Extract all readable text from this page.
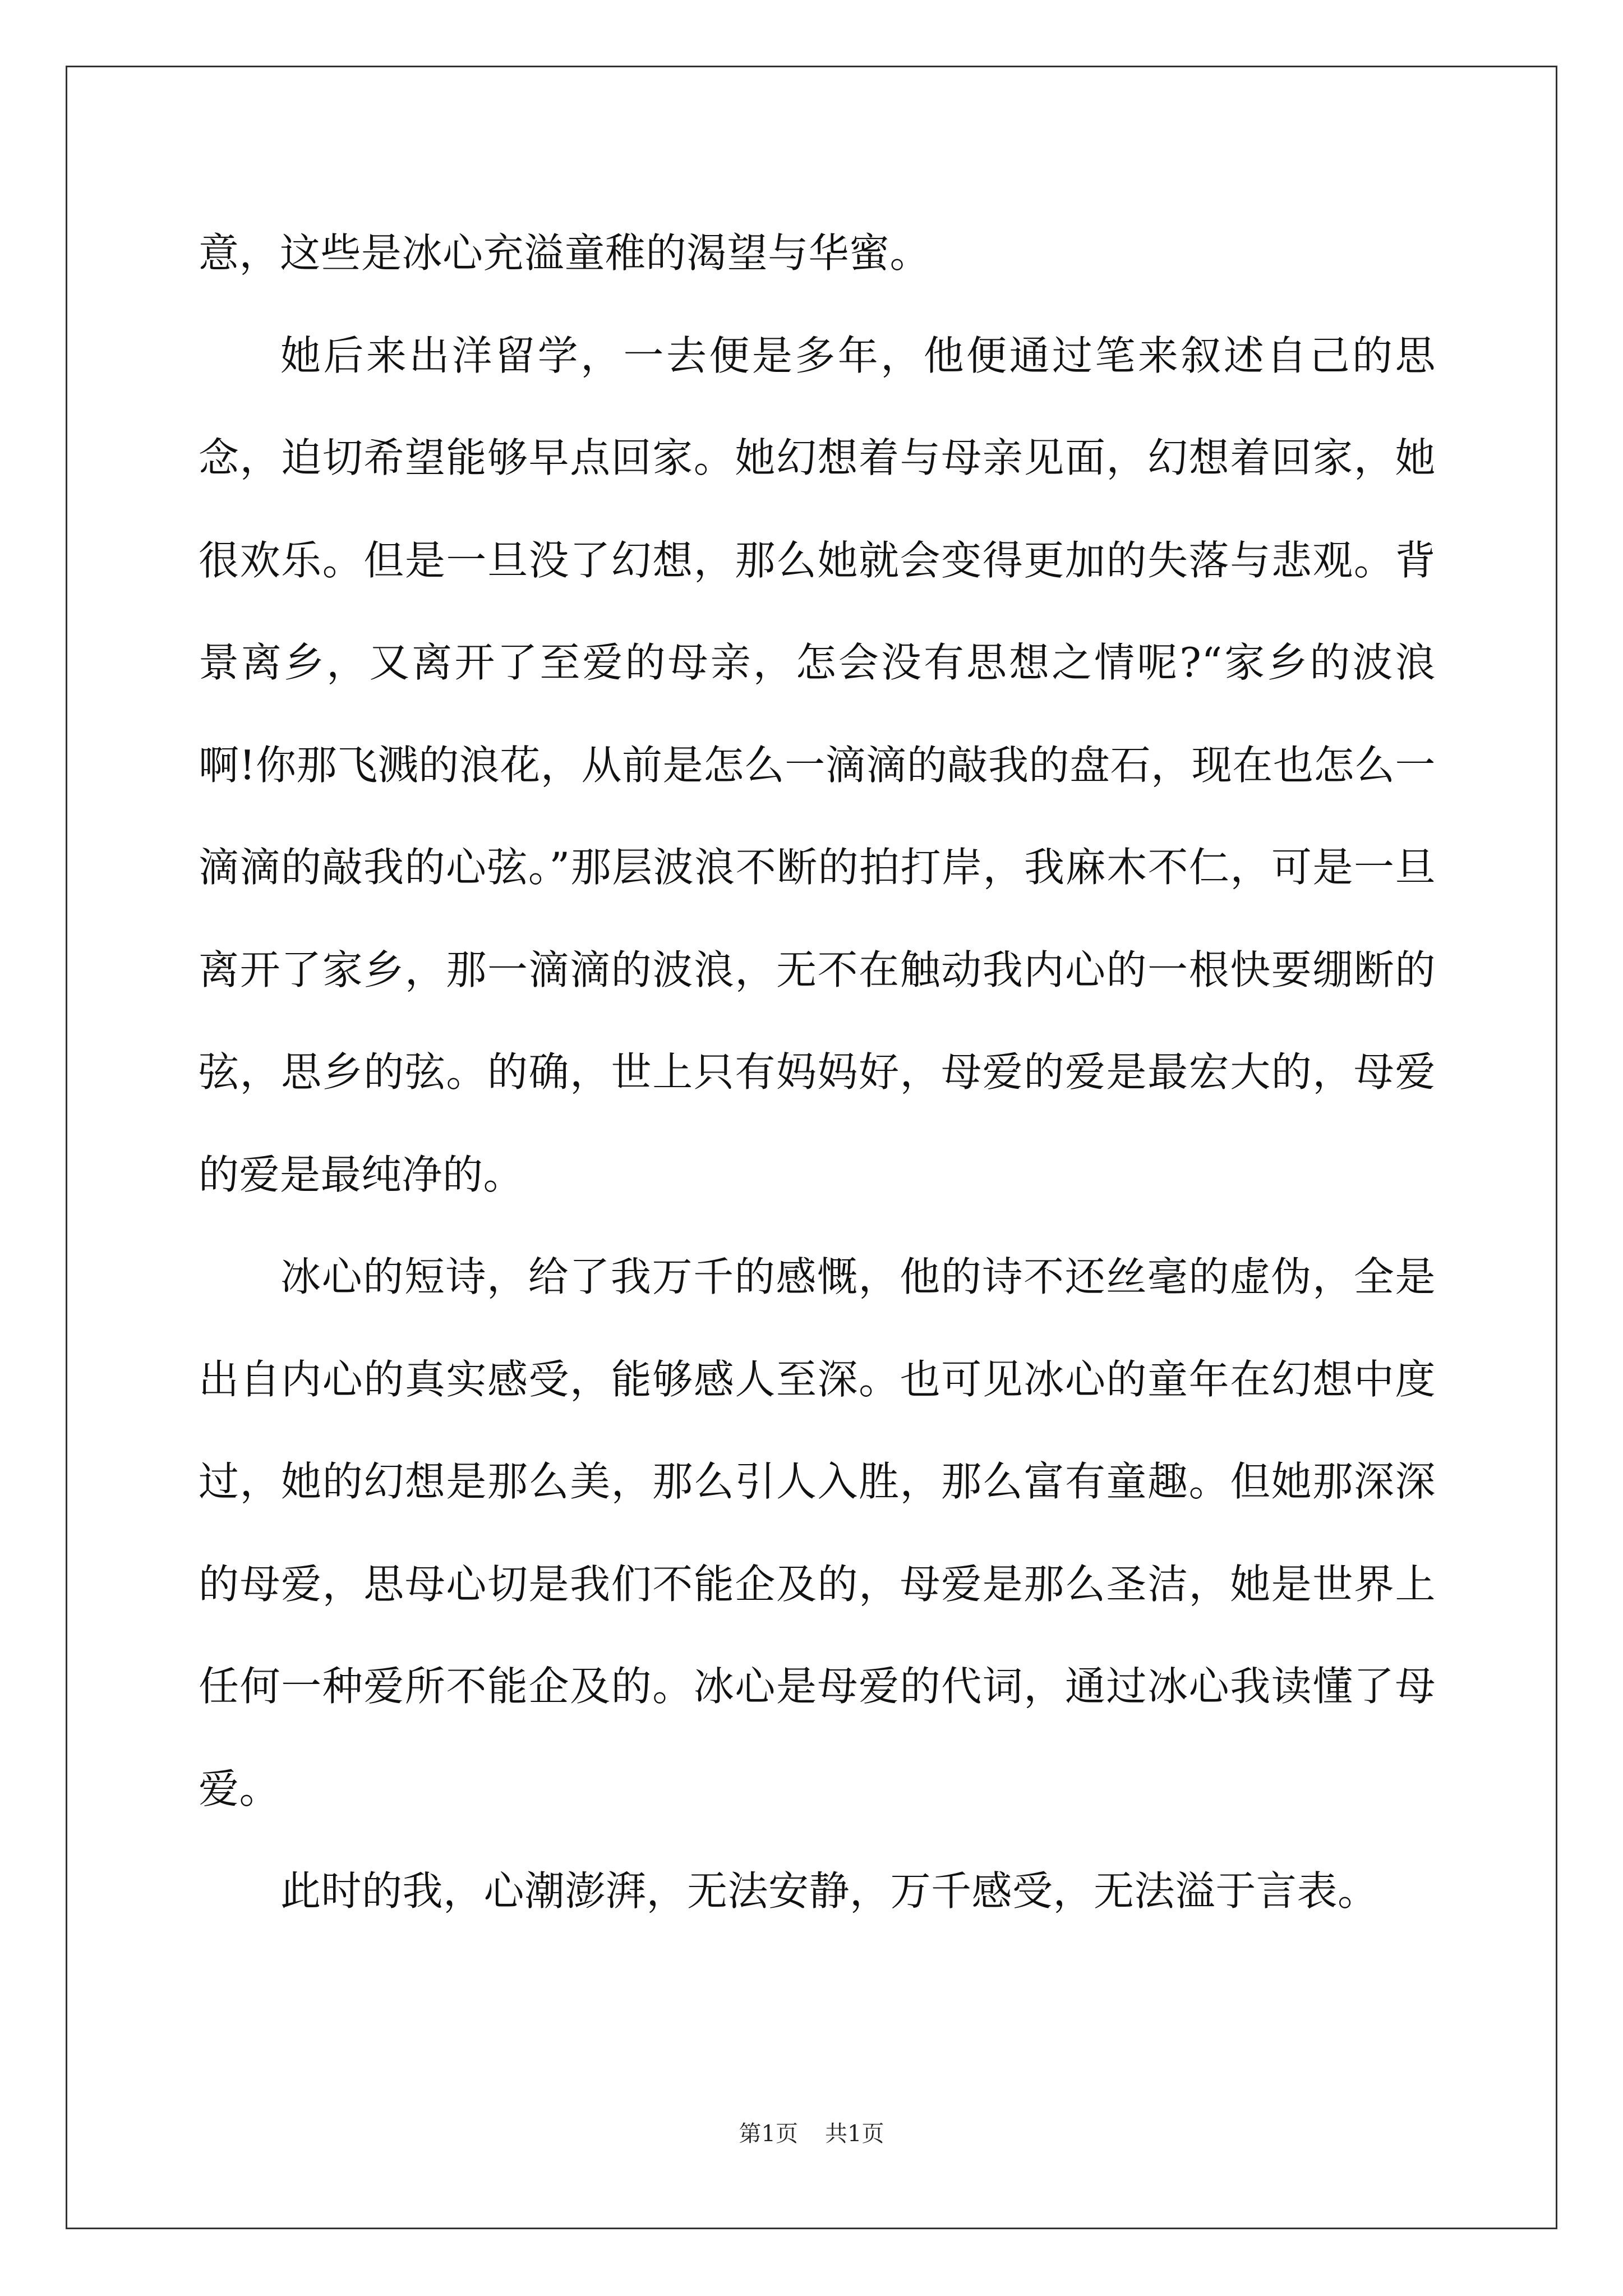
意，这些是冰心充溢童稚的渴望与华蜜。

她后来出洋留学，一去便是多年，他便通过笔来叙述自己的思念，迫切希望能够早点回家。她幻想着与母亲见面，幻想着回家，她很欢乐。但是一旦没了幻想，那么她就会变得更加的失落与悲观。背景离乡，又离开了至爱的母亲，怎会没有思想之情呢?“家乡的波浪啊!你那飞溅的浪花，从前是怎么一滴滴的敲我的盘石，现在也怎么一滴滴的敲我的心弦。”那层波浪不断的拍打岸，我麻木不仁，可是一旦离开了家乡，那一滴滴的波浪，无不在触动我内心的一根快要绷断的弦，思乡的弦。的确，世上只有妈妈好，母爱的爱是最宏大的，母爱的爱是最纯净的。

冰心的短诗，给了我万千的感慨，他的诗不还丝毫的虚伪，全是出自内心的真实感受，能够感人至深。也可见冰心的童年在幻想中度过，她的幻想是那么美，那么引人入胜，那么富有童趣。但她那深深的母爱，思母心切是我们不能企及的，母爱是那么圣洁，她是世界上任何一种爱所不能企及的。冰心是母爱的代词，通过冰心我读懂了母爱。

此时的我，心潮澎湃，无法安静，万千感受，无法溢于言表。

第1页 共1页
